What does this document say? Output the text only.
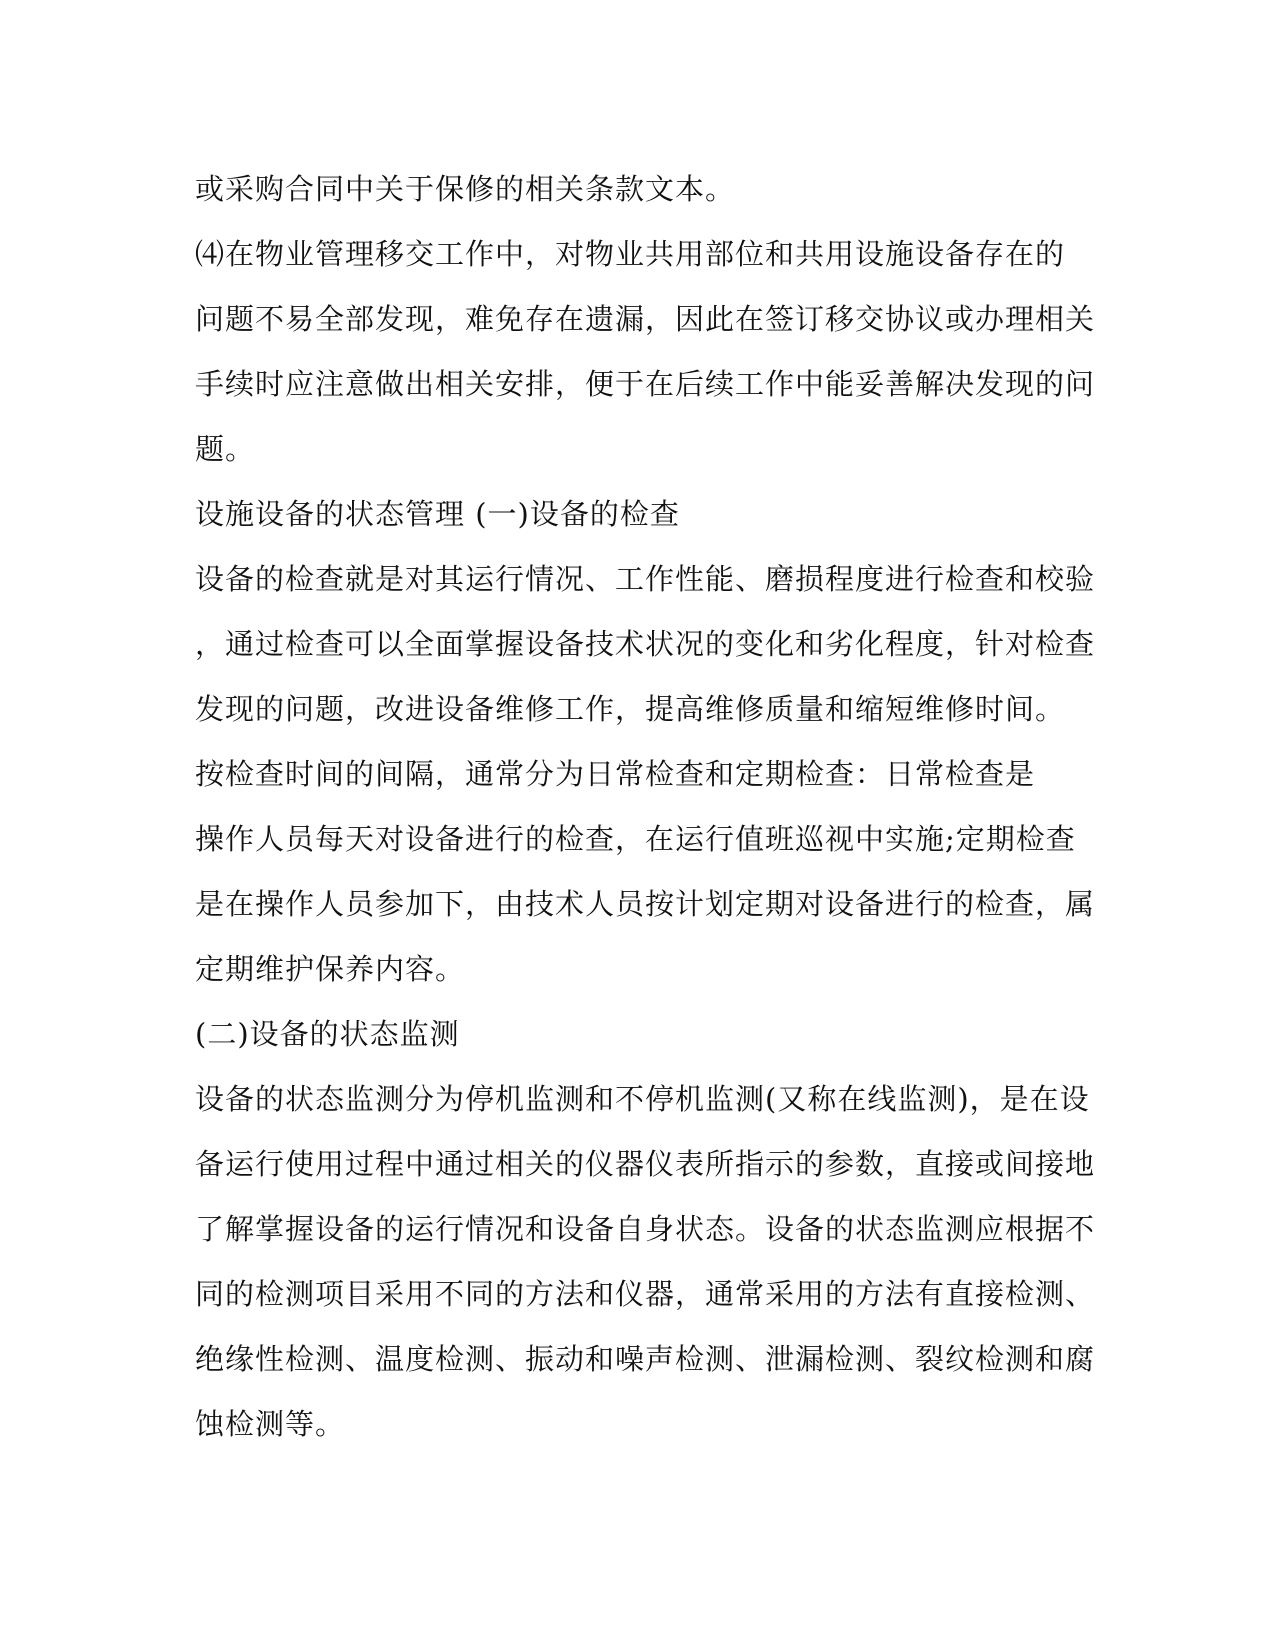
或采购合同中关于保修的相关条款文本。
⑷在物业管理移交工作中，对物业共用部位和共用设施设备存在的
问题不易全部发现，难免存在遗漏，因此在签订移交协议或办理相关
手续时应注意做出相关安排，便于在后续工作中能妥善解决发现的问
题。
设施设备的状态管理 (一)设备的检查
设备的检查就是对其运行情况、工作性能、磨损程度进行检查和校验
，通过检查可以全面掌握设备技术状况的变化和劣化程度，针对检查
发现的问题，改进设备维修工作，提高维修质量和缩短维修时间。
按检查时间的间隔，通常分为日常检查和定期检查：日常检查是
操作人员每天对设备进行的检查，在运行值班巡视中实施;定期检查
是在操作人员参加下，由技术人员按计划定期对设备进行的检查，属
定期维护保养内容。
(二)设备的状态监测
设备的状态监测分为停机监测和不停机监测(又称在线监测)，是在设
备运行使用过程中通过相关的仪器仪表所指示的参数，直接或间接地
了解掌握设备的运行情况和设备自身状态。设备的状态监测应根据不
同的检测项目采用不同的方法和仪器，通常采用的方法有直接检测、
绝缘性检测、温度检测、振动和噪声检测、泄漏检测、裂纹检测和腐
蚀检测等。
